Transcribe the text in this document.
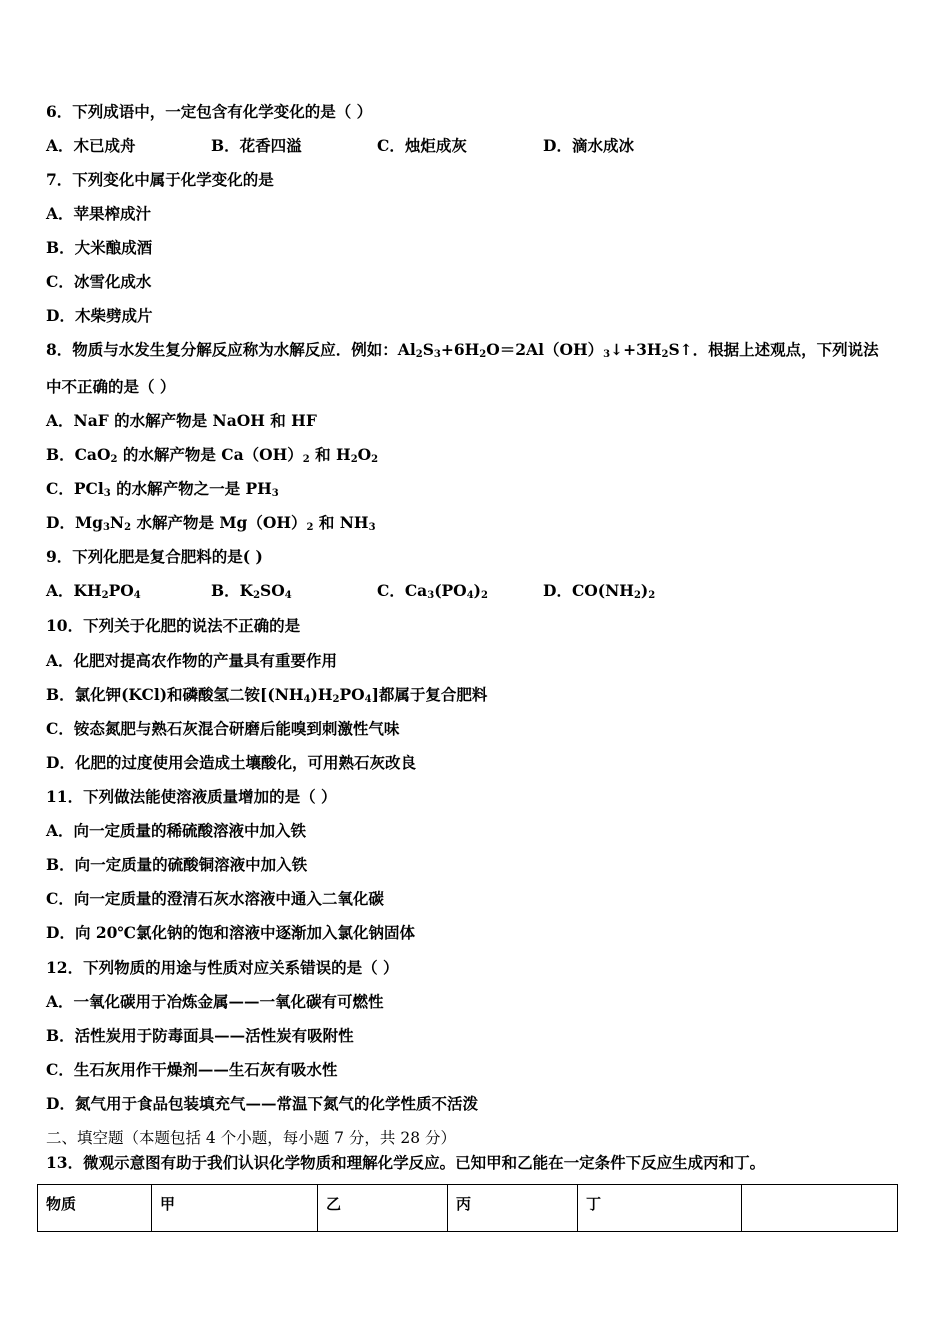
6．下列成语中，一定包含有化学变化的是（ ）
A．木已成舟	B．花香四溢	C．烛炬成灰	D．滴水成冰
7．下列变化中属于化学变化的是
A．苹果榨成汁
B．大米酿成酒
C．冰雪化成水
D．木柴劈成片
8．物质与水发生复分解反应称为水解反应．例如：$Al_2S_3+6H_2O=2Al(OH)_3↓+3H_2S↑$．根据上述观点，下列说法
中不正确的是（ ）
A．NaF 的水解产物是 NaOH 和 HF
B．CaO$_2$ 的水解产物是 $Ca(OH)_2$ 和 $H_2O_2$
C．PCl$_3$ 的水解产物之一是 $PH_3$
D．$Mg_3N_2$ 水解产物是 $Mg(OH)_2$ 和 $NH_3$
9．下列化肥是复合肥料的是( )
A．$KH_2PO_4$	B．$K_2SO_4$	C．$Ca_3(PO_4)_2$	D．$CO(NH_2)_2$
10．下列关于化肥的说法不正确的是
A．化肥对提高农作物的产量具有重要作用
B．氯化钾(KCl)和磷酸氢二铵$[(NH_4)H_2PO_4]$都属于复合肥料
C．铵态氮肥与熟石灰混合研磨后能嗅到刺激性气味
D．化肥的过度使用会造成土壤酸化，可用熟石灰改良
11．下列做法能使溶液质量增加的是（ ）
A．向一定质量的稀硫酸溶液中加入铁
B．向一定质量的硫酸铜溶液中加入铁
C．向一定质量的澄清石灰水溶液中通入二氧化碳
D．向 20℃氯化钠的饱和溶液中逐渐加入氯化钠固体
12．下列物质的用途与性质对应关系错误的是（ ）
A．一氧化碳用于冶炼金属——一氧化碳有可燃性
B．活性炭用于防毒面具——活性炭有吸附性
C．生石灰用作干燥剂——生石灰有吸水性
D．氮气用于食品包装填充气——常温下氮气的化学性质不活泼
二、填空题（本题包括 4 个小题，每小题 7 分，共 28 分）
13．微观示意图有助于我们认识化学物质和理解化学反应。已知甲和乙能在一定条件下反应生成丙和丁。
物质	甲	乙	丙	丁	
